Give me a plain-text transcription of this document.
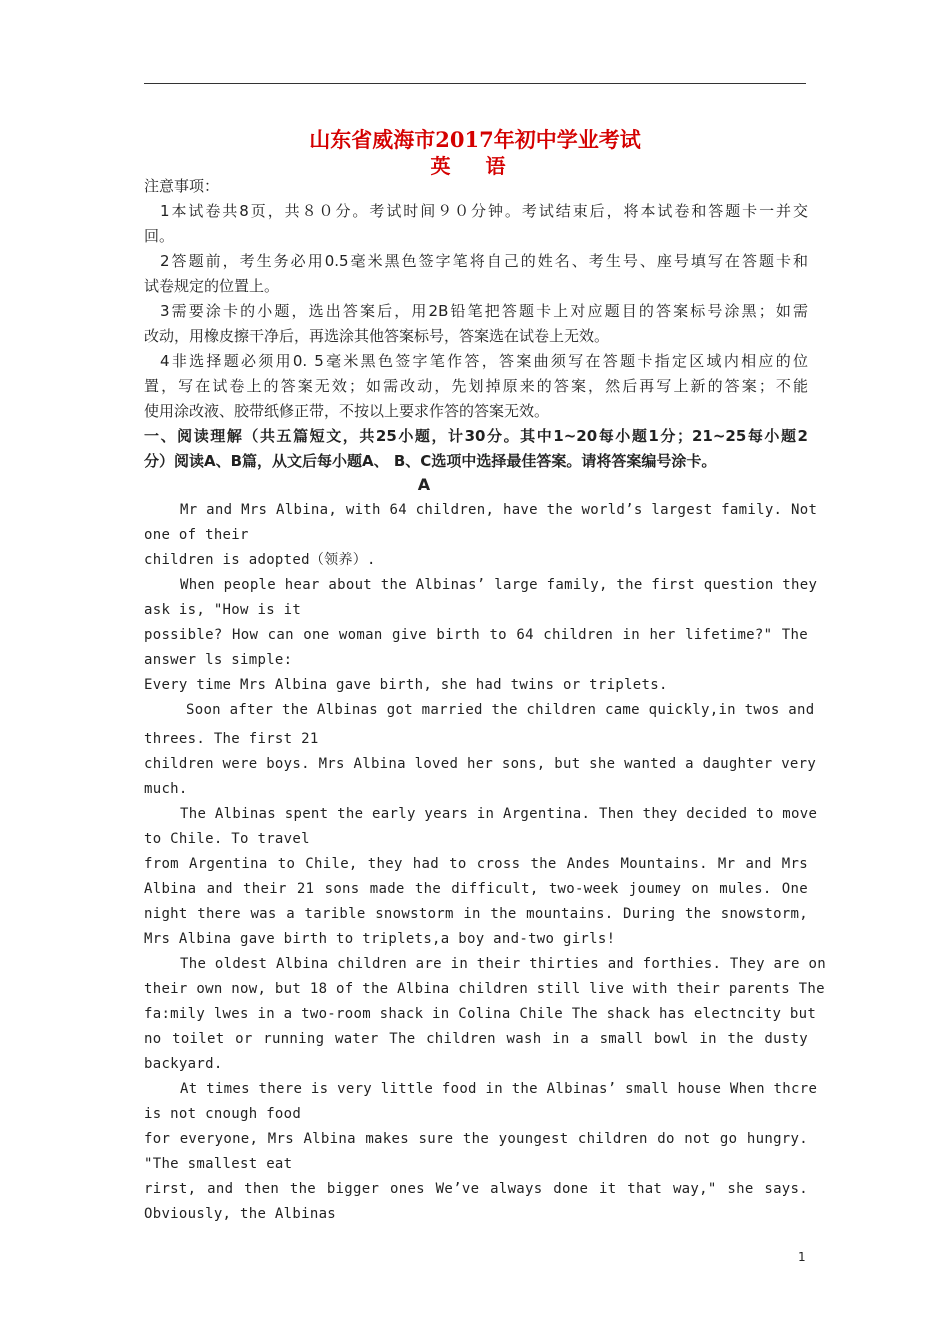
山东省威海市2017年初中学业考试
英 语
注意事项：
1本试卷共8页，共８０分。考试时间９０分钟。考试结束后，将本试卷和答题卡一并交
回。
2答题前，考生务必用0.5毫米黑色签字笔将自己的姓名、考生号、座号填写在答题卡和
试卷规定的位置上。
3需要涂卡的小题，选出答案后，用2B铅笔把答题卡上对应题目的答案标号涂黑；如需
改动，用橡皮擦干净后，再选涂其他答案标号，答案选在试卷上无效。
4非选择题必须用0. 5毫米黑色签字笔作答，答案曲须写在答题卡指定区域内相应的位
置，写在试卷上的答案无效；如需改动，先划掉原来的答案，然后再写上新的答案；不能
使用涂改液、胶带纸修正带，不按以上要求作答的答案无效。
一、阅读理解（共五篇短文，共25小题，计30分。其中1~20每小题1分；21~25每小题2
分）阅读A、B篇，从文后每小题A、 B、C选项中选择最佳答案。请将答案编号涂卡。
A
Mr and Mrs Albina, with 64 children, have the world’s largest family. Not
one of their
children is adopted（领养）.
When people hear about the Albinas’ large family, the first question they
ask is, "How is it
possible? How can one woman give birth to 64 children in her lifetime?" The
answer ls simple:
Every time Mrs Albina gave birth, she had twins or triplets.
Soon after the Albinas got married the children came quickly,in twos and
threes. The first 21
children were boys. Mrs Albina loved her sons, but she wanted a daughter very
much.
The Albinas spent the early years in Argentina. Then they decided to move
to Chile. To travel
from Argentina to Chile, they had to cross the Andes Mountains. Mr and Mrs
Albina and their 21 sons made the difficult, two-week joumey on mules. One
night there was a tarible snowstorm in the mountains. During the snowstorm,
Mrs Albina gave birth to triplets,a boy and-two girls!
The oldest Albina children are in their thirties and forthies. They are on
their own now, but 18 of the Albina children still live with their parents The
fa:mily lwes in a two-room shack in Colina Chile The shack has electncity but
no toilet or running water The children wash in a small bowl in the dusty
backyard.
At times there is very little food in the Albinas’ small house When thcre
is not cnough food
for everyone, Mrs Albina makes sure the youngest children do not go hungry.
"The smallest eat
rirst, and then the bigger ones We’ve always done it that way," she says.
Obviously, the Albinas
1
